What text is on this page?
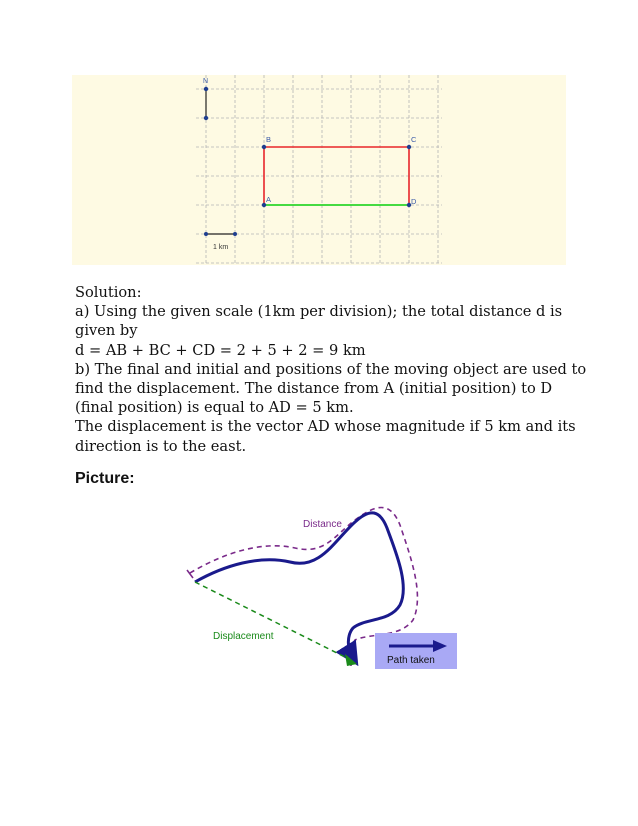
N
A
B	C
D
1 km
Solution:
a) Using the given scale (1km per division); the total distance d is
given by
d = AB + BC + CD = 2 + 5 + 2 = 9 km
b) The final and initial and positions of the moving object are used to
find the displacement. The distance from A (initial position) to D
(final position) is equal to AD = 5 km.
The displacement is the vector AD whose magnitude if 5 km and its
direction is to the east.
Picture:
Distance
Displacement
Path taken
